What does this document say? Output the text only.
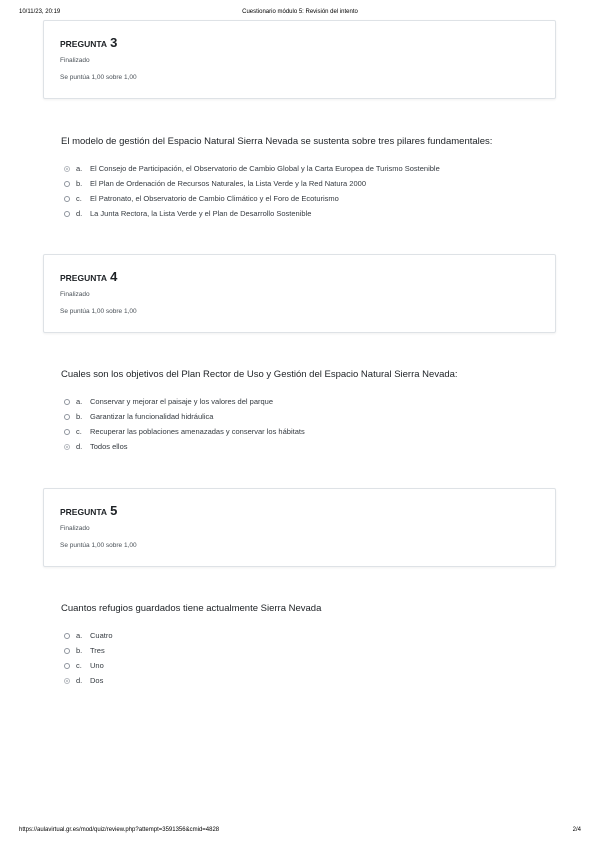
10/11/23, 20:19	Cuestionario módulo 5: Revisión del intento
PREGUNTA 3
Finalizado
Se puntúa 1,00 sobre 1,00
El modelo de gestión del Espacio Natural Sierra Nevada se sustenta sobre tres pilares fundamentales:
a. El Consejo de Participación, el Observatorio de Cambio Global y la Carta Europea de Turismo Sostenible
b. El Plan de Ordenación de Recursos Naturales, la Lista Verde y la Red Natura 2000
c. El Patronato, el Observatorio de Cambio Climático y el Foro de Ecoturismo
d. La Junta Rectora, la Lista Verde y el Plan de Desarrollo Sostenible
PREGUNTA 4
Finalizado
Se puntúa 1,00 sobre 1,00
Cuales son los objetivos del Plan Rector de Uso y Gestión del Espacio Natural Sierra Nevada:
a. Conservar y mejorar el paisaje y los valores del parque
b. Garantizar la funcionalidad hidráulica
c. Recuperar las poblaciones amenazadas y conservar los hábitats
d. Todos ellos
PREGUNTA 5
Finalizado
Se puntúa 1,00 sobre 1,00
Cuantos refugios guardados tiene actualmente Sierra Nevada
a. Cuatro
b. Tres
c. Uno
d. Dos
https://aulavirtual.gr.es/mod/quiz/review.php?attempt=3591356&cmid=4828	2/4
